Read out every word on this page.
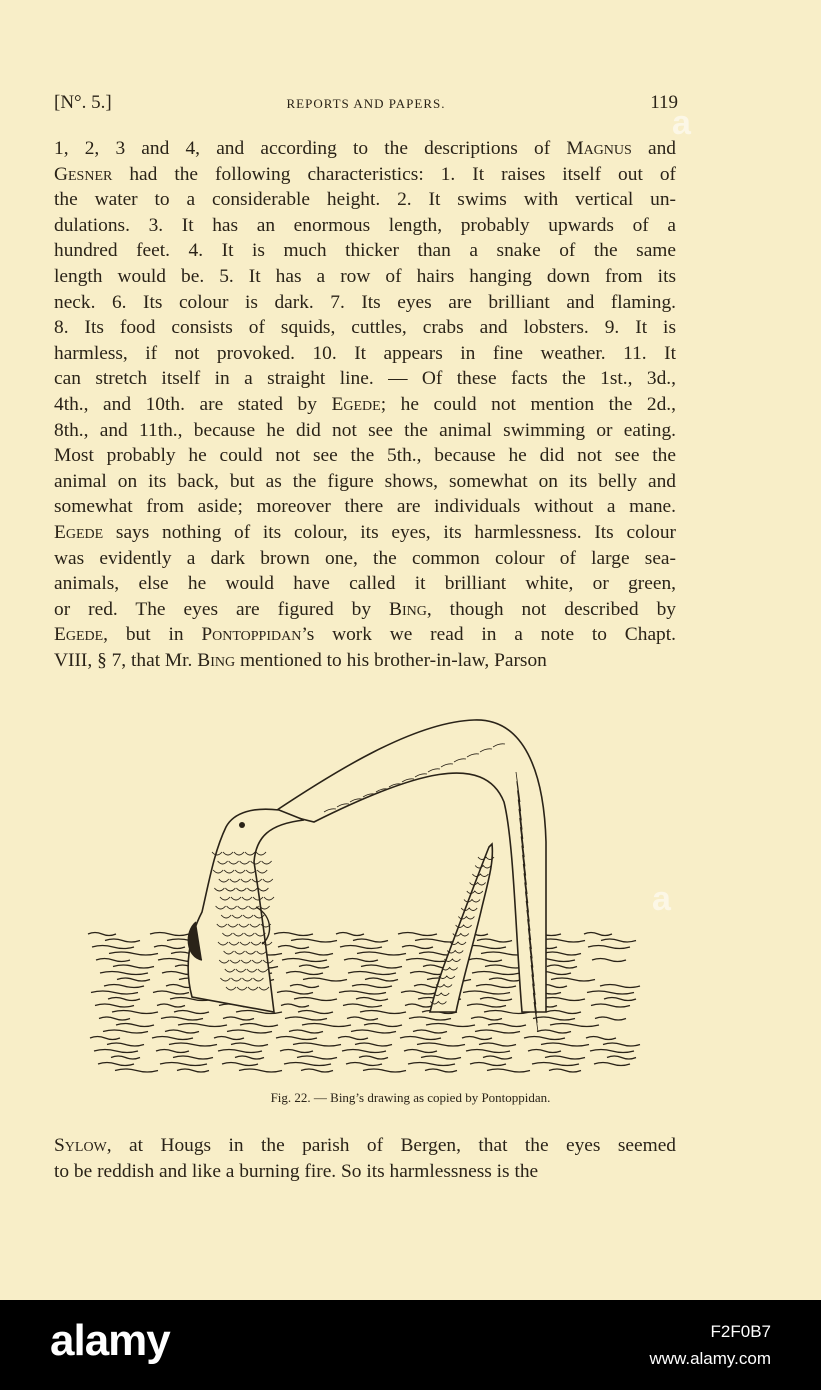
[N°. 5.]	REPORTS AND PAPERS.	119
1, 2, 3 and 4, and according to the descriptions of Magnus and
Gesner had the following characteristics: 1. It raises itself out of
the water to a considerable height. 2. It swims with vertical un-
dulations. 3. It has an enormous length, probably upwards of a
hundred feet. 4. It is much thicker than a snake of the same
length would be. 5. It has a row of hairs hanging down from its
neck. 6. Its colour is dark. 7. Its eyes are brilliant and flaming.
8. Its food consists of squids, cuttles, crabs and lobsters. 9. It is
harmless, if not provoked. 10. It appears in fine weather. 11. It
can stretch itself in a straight line. — Of these facts the 1st., 3d.,
4th., and 10th. are stated by Egede; he could not mention the 2d.,
8th., and 11th., because he did not see the animal swimming or eating.
Most probably he could not see the 5th., because he did not see the
animal on its back, but as the figure shows, somewhat on its belly and
somewhat from aside; moreover there are individuals without a mane.
Egede says nothing of its colour, its eyes, its harmlessness. Its colour
was evidently a dark brown one, the common colour of large sea-
animals, else he would have called it brilliant white, or green,
or red. The eyes are figured by Bing, though not described by
Egede, but in Pontoppidan’s work we read in a note to Chapt.
VIII, § 7, that Mr. Bing mentioned to his brother-in-law, Parson
Fig. 22. — Bing’s drawing as copied by Pontoppidan.
Sylow, at Hougs in the parish of Bergen, that the eyes seemed
to be reddish and like a burning fire. So its harmlessness is the
a
a
alamy	F2F0B7
www.alamy.com
